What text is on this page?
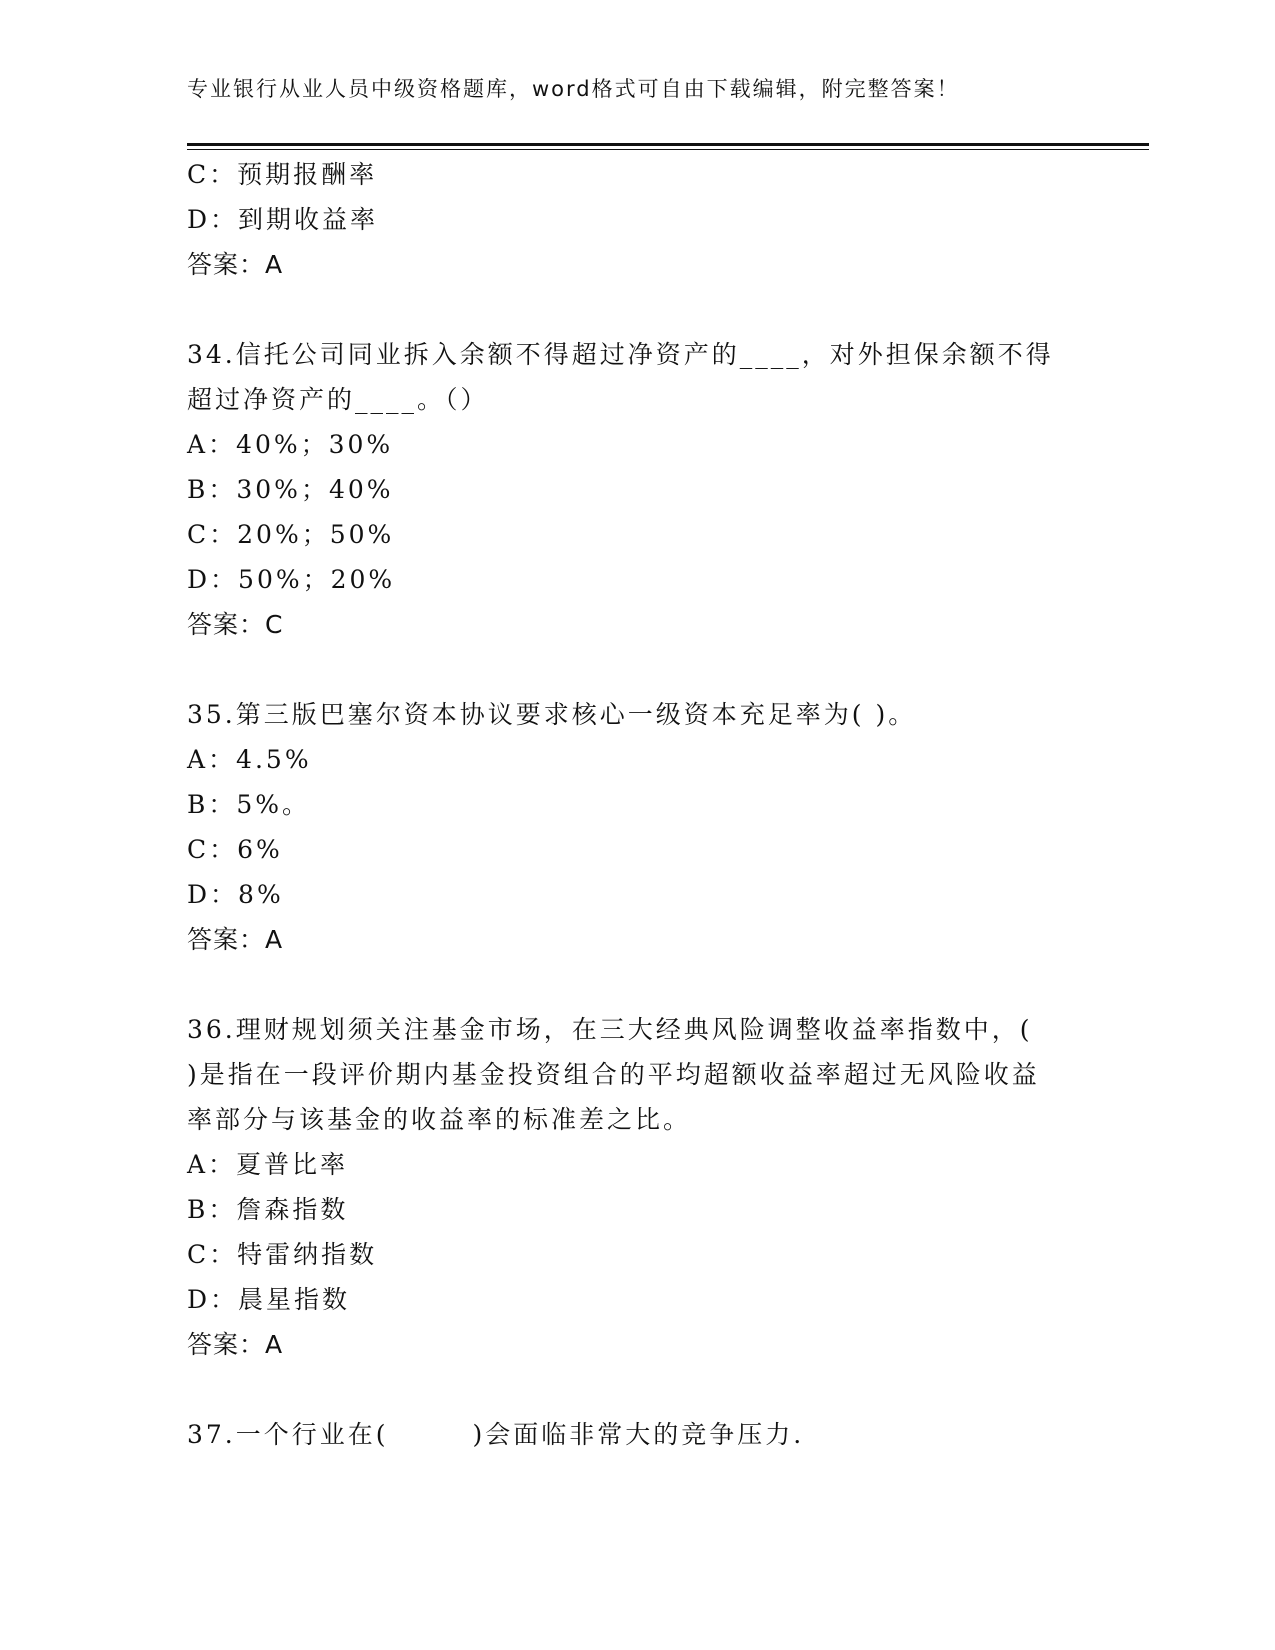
专业银行从业人员中级资格题库，word格式可自由下载编辑，附完整答案！
C：预期报酬率
D：到期收益率
答案：A
34.信托公司同业拆入余额不得超过净资产的____，对外担保余额不得
超过净资产的____。（）
A：40%；30%
B：30%；40%
C：20%；50%
D：50%；20%
答案：C
35.第三版巴塞尔资本协议要求核心一级资本充足率为( )。
A：4.5%
B：5%。
C：6%
D：8%
答案：A
36.理财规划须关注基金市场，在三大经典风险调整收益率指数中，(
)是指在一段评价期内基金投资组合的平均超额收益率超过无风险收益
率部分与该基金的收益率的标准差之比。
A：夏普比率
B：詹森指数
C：特雷纳指数
D：晨星指数
答案：A
37.一个行业在(　　　)会面临非常大的竞争压力.
